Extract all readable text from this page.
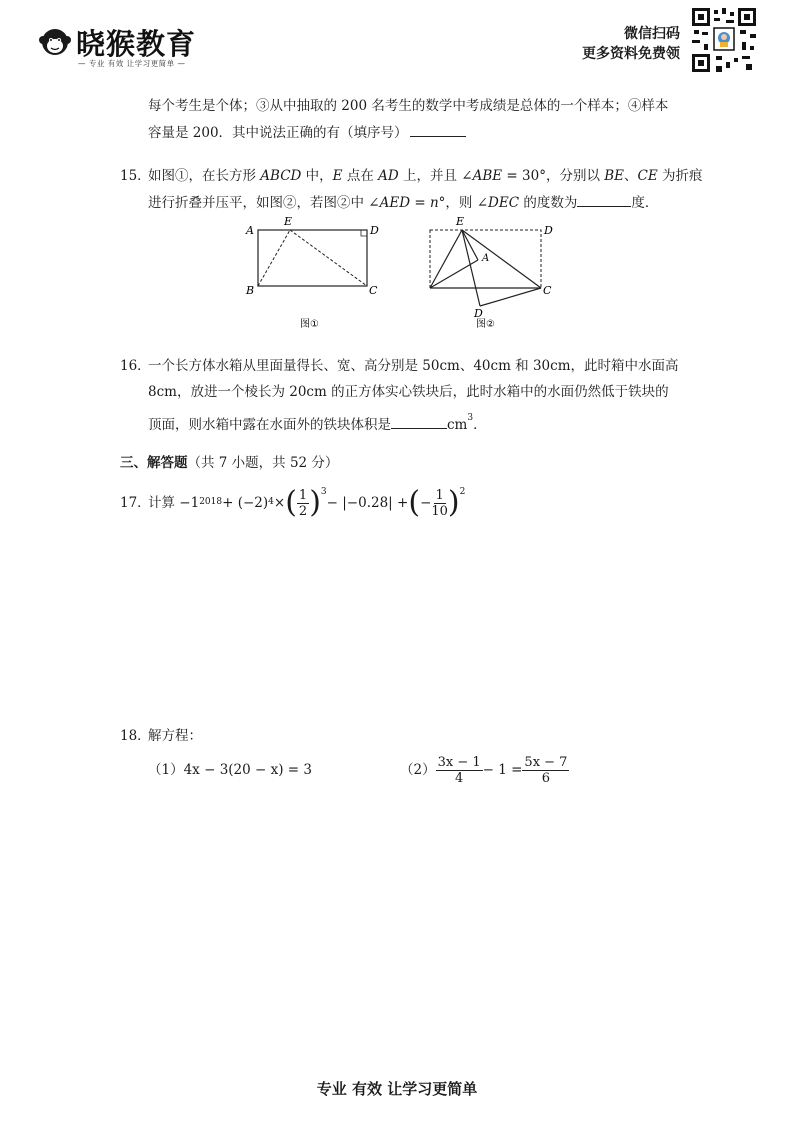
晓猴教育
— 专业 有效 让学习更简单 —
微信扫码
更多资料免费领
每个考生是个体；③从中抽取的 200 名考生的数学中考成绩是总体的一个样本；④样本
容量是 200．其中说法正确的有（填序号）
15．
如图①，在长方形 ABCD 中，E 点在 AD 上，并且 ∠ABE = 30°，分别以 BE、CE 为折痕
进行折叠并压平，如图②，若图②中 ∠AED = n°，则 ∠DEC 的度数为	度．
A
E
D
B	C
图①
E
D
A
C
D
图②
16．
一个长方体水箱从里面量得长、宽、高分别是 50cm、40cm 和 30cm，此时箱中水面高
8cm，放进一个棱长为 20cm 的正方体实心铁块后，此时水箱中的水面仍然低于铁块的
顶面，则水箱中露在水面外的铁块体积是	$cm^3$．
三、解答题（共 7 小题，共 52 分）
17．
计算 −1 2018 + (−2) 4 × ( $\frac{1}{2} )^3$
− |−0.28| + ( − $\frac{1}{10} )^2$
18．
解方程：
（1）4x − 3(20 − x) = 3	$(2) \frac{3x - 1}{4} - 1 = \frac{5x - 7}{6}$
专业 有效 让学习更简单
